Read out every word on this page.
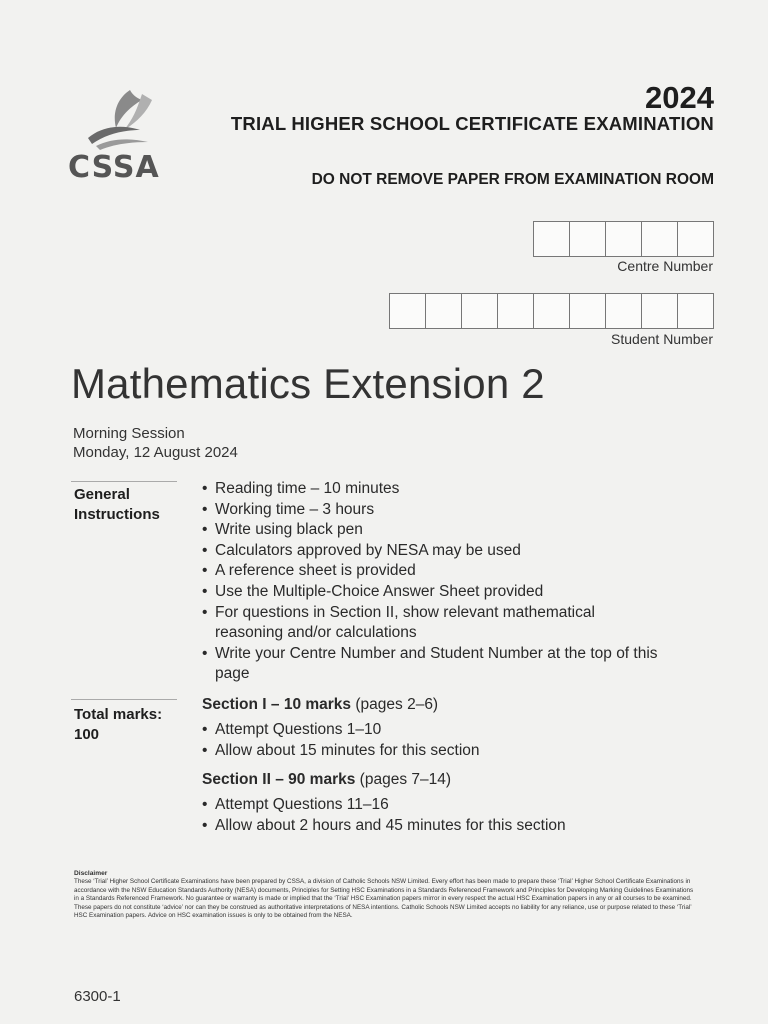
CSSA
2024
TRIAL HIGHER SCHOOL CERTIFICATE EXAMINATION
DO NOT REMOVE PAPER FROM EXAMINATION ROOM
Centre Number
Student Number
Mathematics Extension 2
Morning Session
Monday, 12 August 2024
General
Instructions
• Reading time – 10 minutes
• Working time – 3 hours
• Write using black pen
• Calculators approved by NESA may be used
• A reference sheet is provided
• Use the Multiple-Choice Answer Sheet provided
• For questions in Section II, show relevant mathematical reasoning and/or calculations
• Write your Centre Number and Student Number at the top of this page
Total marks:
100
Section I – 10 marks (pages 2–6)
• Attempt Questions 1–10
• Allow about 15 minutes for this section
Section II – 90 marks (pages 7–14)
• Attempt Questions 11–16
• Allow about 2 hours and 45 minutes for this section
Disclaimer
These ‘Trial’ Higher School Certificate Examinations have been prepared by CSSA, a division of Catholic Schools NSW Limited. Every effort has been made to prepare these ‘Trial’ Higher School Certificate Examinations in accordance with the NSW Education Standards Authority (NESA) documents, Principles for Setting HSC Examinations in a Standards Referenced Framework and Principles for Developing Marking Guidelines Examinations in a Standards Referenced Framework. No guarantee or warranty is made or implied that the ‘Trial’ HSC Examination papers mirror in every respect the actual HSC Examination papers in any or all courses to be examined. These papers do not constitute ‘advice’ nor can they be construed as authoritative interpretations of NESA intentions. Catholic Schools NSW Limited accepts no liability for any reliance, use or purpose related to these ‘Trial’ HSC Examination papers. Advice on HSC examination issues is only to be obtained from the NESA.
6300-1
